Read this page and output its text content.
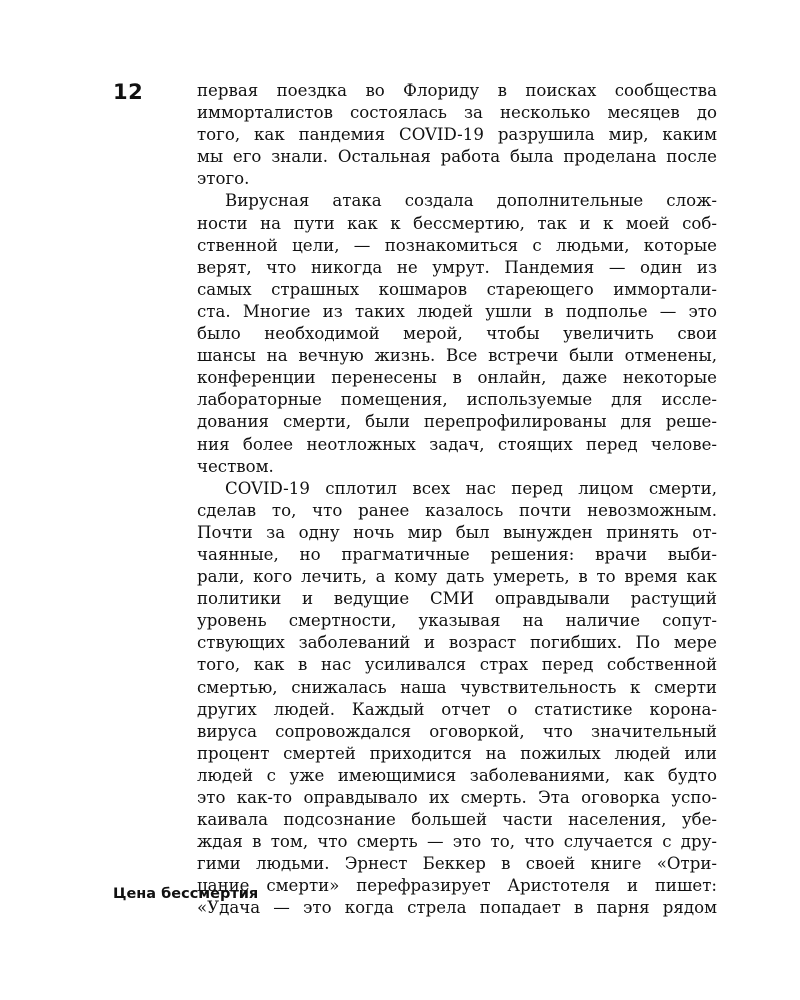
12	первая поездка во Флориду в поисках сообщества
имморталистов состоялась за несколько месяцев до
того, как пандемия COVID-19 разрушила мир, каким
мы его знали. Остальная работа была проделана после
этого.
Вирусная атака создала дополнительные слож-
ности на пути как к бессмертию, так и к моей соб-
ственной цели, — познакомиться с людьми, которые
верят, что никогда не умрут. Пандемия — один из
самых страшных кошмаров стареющего иммортали-
ста. Многие из таких людей ушли в подполье — это
было необходимой мерой, чтобы увеличить свои
шансы на вечную жизнь. Все встречи были отменены,
конференции перенесены в онлайн, даже некоторые
лабораторные помещения, используемые для иссле-
дования смерти, были перепрофилированы для реше-
ния более неотложных задач, стоящих перед челове-
чеством.
COVID-19 сплотил всех нас перед лицом смерти,
сделав то, что ранее казалось почти невозможным.
Почти за одну ночь мир был вынужден принять от-
чаянные, но прагматичные решения: врачи выби-
рали, кого лечить, а кому дать умереть, в то время как
политики и ведущие СМИ оправдывали растущий
уровень смертности, указывая на наличие сопут-
ствующих заболеваний и возраст погибших. По мере
того, как в нас усиливался страх перед собственной
смертью, снижалась наша чувствительность к смерти
других людей. Каждый отчет о статистике корона-
вируса сопровождался оговоркой, что значительный
процент смертей приходится на пожилых людей или
людей с уже имеющимися заболеваниями, как будто
это как-то оправдывало их смерть. Эта оговорка успо-
каивала подсознание большей части населения, убе-
ждая в том, что смерть — это то, что случается с дру-
гими людьми. Эрнест Беккер в своей книге «Отри-
цание смерти» перефразирует Аристотеля и пишет:
«Удача — это когда стрела попадает в парня рядом
Цена бессмертия
